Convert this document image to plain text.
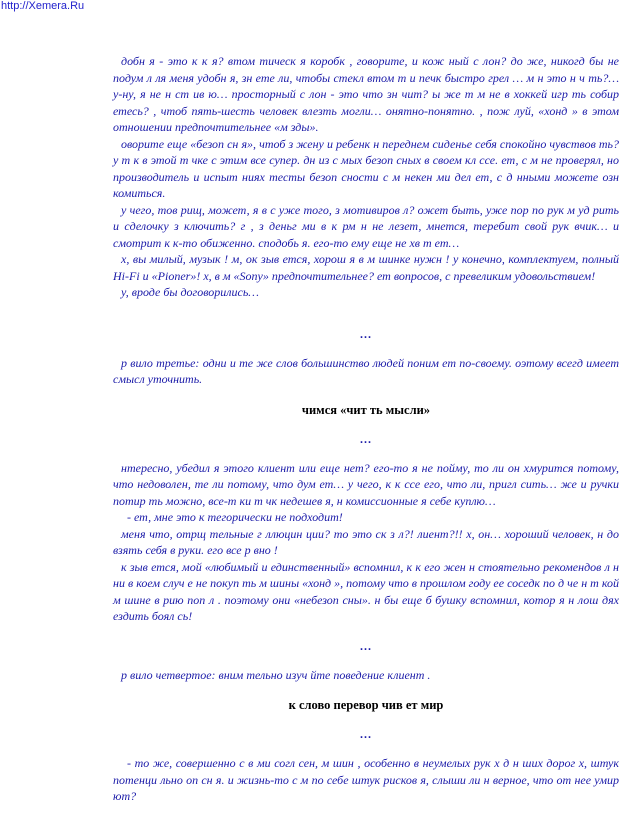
http://Xemera.Ru

добн я - это к к я? втом тическ я коробк , говорите, и кож ный с лон? до же, никогд бы не подум л ля меня удобн я, зн ете ли, чтобы стекл втом т и печк быстро грел … м н это н ч ть?… у-ну, я не н ст ив ю… просторный с лон - это что зн чит? ы же т м не в хоккей игр ть собир етесь? , чтоб пять-шесть человек влезть могли… онятно-понятно. , пож луй, «хонд » в этом отношении предпочтительнее «м зды».

оворите еще «безоп сн я», чтоб з жену и ребенк н переднем сиденье себя спокойно чувствов ть? у т к в этой т чке с этим все супер. дн из с мых безоп сных в своем кл ссе. ет, с м не проверял, но производитель и испыт ниях тесты безоп сности с м некен ми дел ет, с д нными можете озн комиться.

у чего, тов рищ, может, я в с уже того, з мотивиров л? ожет быть, уже пор по рук м уд рить и сделочку з ключить? г , з деньг ми в к рм н не лезет, мнется, теребит свой рук вчик… и смотрит к к-то обиженно. сподобь я. его-то ему еще не хв т ет…

х, вы милый, музык ! м, ок зыв ется, хорош я в м шинке нужн ! у конечно, комплектуем, полный Hi-Fi и «Pioner»! х, в м «Sony» предпочтительнее? ет вопросов, с превеликим удовольствием!

у, вроде бы договорились…

...

р вило третье: одни и те же слов большинство людей поним ет по-своему. оэтому всегд имеет смысл уточнить.

чимся «чит ть мысли»

...

нтересно, убедил я этого клиент или еще нет? его-то я не пойму, то ли он хмурится потому, что недоволен, те ли потому, что дум ет… у чего, к к ссе его, что ли, пригл сить… же и ручки потир ть можно, все-т ки т чк недешев я, н комиссионные я себе куплю…

- ет, мне это к тегорически не подходит!

меня что, отрщ тельные г ллюцин ции? то это ск з л?! лиент?!! х, он… хороший человек, н до взять себя в руки. его все р вно !

к зыв ется, мой «любимый и единственный» вспомнил, к к его жен н стоятельно рекомендов л н ни в коем случ е не покуп ть м шины «хонд », потому что в прошлом году ее соседк по д че н т кой м шине в рию поп л . поэтому они «небезоп сны». н бы еще б бушку вспомнил, котор я н лош дях ездить боял сь!

...

р вило четвертое: вним тельно изуч йте поведение клиент .

к слово перевор чив ет мир

...

- то же, совершенно с в ми согл сен, м шин , особенно в неумелых рук х д н ших дорог х, штук потенци льно оп сн я. и жизнь-то с м по себе штук рисков я, слыши ли н верное, что от нее умир ют?
